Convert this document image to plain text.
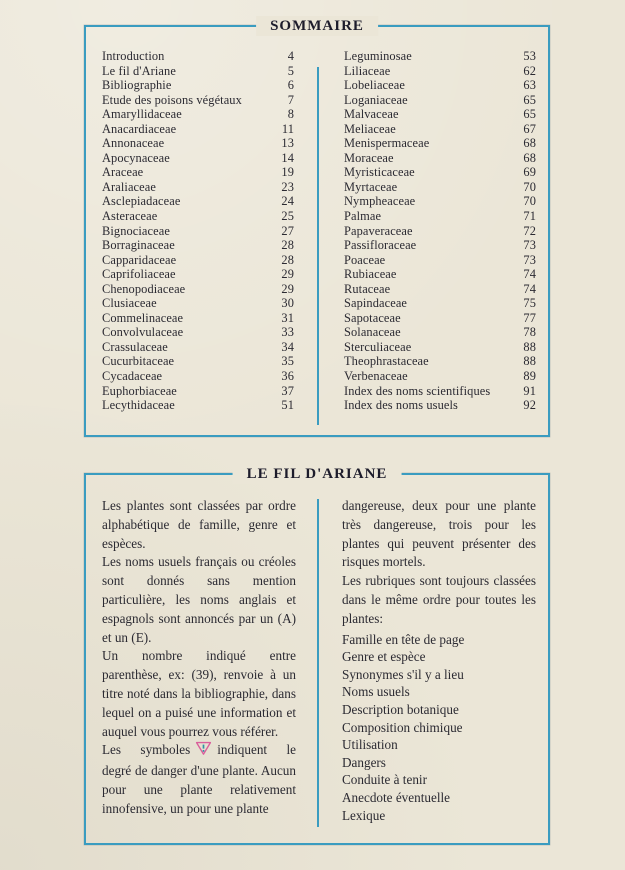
SOMMAIRE
Introduction	4
Le fil d'Ariane	5
Bibliographie	6
Etude des poisons végétaux	7
Amaryllidaceae	8
Anacardiaceae	11
Annonaceae	13
Apocynaceae	14
Araceae	19
Araliaceae	23
Asclepiadaceae	24
Asteraceae	25
Bignociaceae	27
Borraginaceae	28
Capparidaceae	28
Caprifoliaceae	29
Chenopodiaceae	29
Clusiaceae	30
Commelinaceae	31
Convolvulaceae	33
Crassulaceae	34
Cucurbitaceae	35
Cycadaceae	36
Euphorbiaceae	37
Lecythidaceae	51
Leguminosae	53
Liliaceae	62
Lobeliaceae	63
Loganiaceae	65
Malvaceae	65
Meliaceae	67
Menispermaceae	68
Moraceae	68
Myristicaceae	69
Myrtaceae	70
Nympheaceae	70
Palmae	71
Papaveraceae	72
Passifloraceae	73
Poaceae	73
Rubiaceae	74
Rutaceae	74
Sapindaceae	75
Sapotaceae	77
Solanaceae	78
Sterculiaceae	88
Theophrastaceae	88
Verbenaceae	89
Index des noms scientifiques	91
Index des noms usuels	92
LE FIL D'ARIANE

Les plantes sont classées par ordre alphabétique de famille, genre et espèces.

Les noms usuels français ou créoles sont donnés sans mention particulière, les noms anglais et espagnols sont annoncés par un (A) et un (E).

Un nombre indiqué entre parenthèse, ex: (39), renvoie à un titre noté dans la bibliographie, dans lequel on a puisé une information et auquel vous pourrez vous référer.

Les symboles indiquent le degré de danger d'une plante. Aucun pour une plante relativement innofensive, un pour une plante

dangereuse, deux pour une plante très dangereuse, trois pour les plantes qui peuvent présenter des risques mortels.

Les rubriques sont toujours classées dans le même ordre pour toutes les plantes:

Famille en tête de page
Genre et espèce
Synonymes s'il y a lieu
Noms usuels
Description botanique
Composition chimique
Utilisation
Dangers
Conduite à tenir
Anecdote éventuelle
Lexique
